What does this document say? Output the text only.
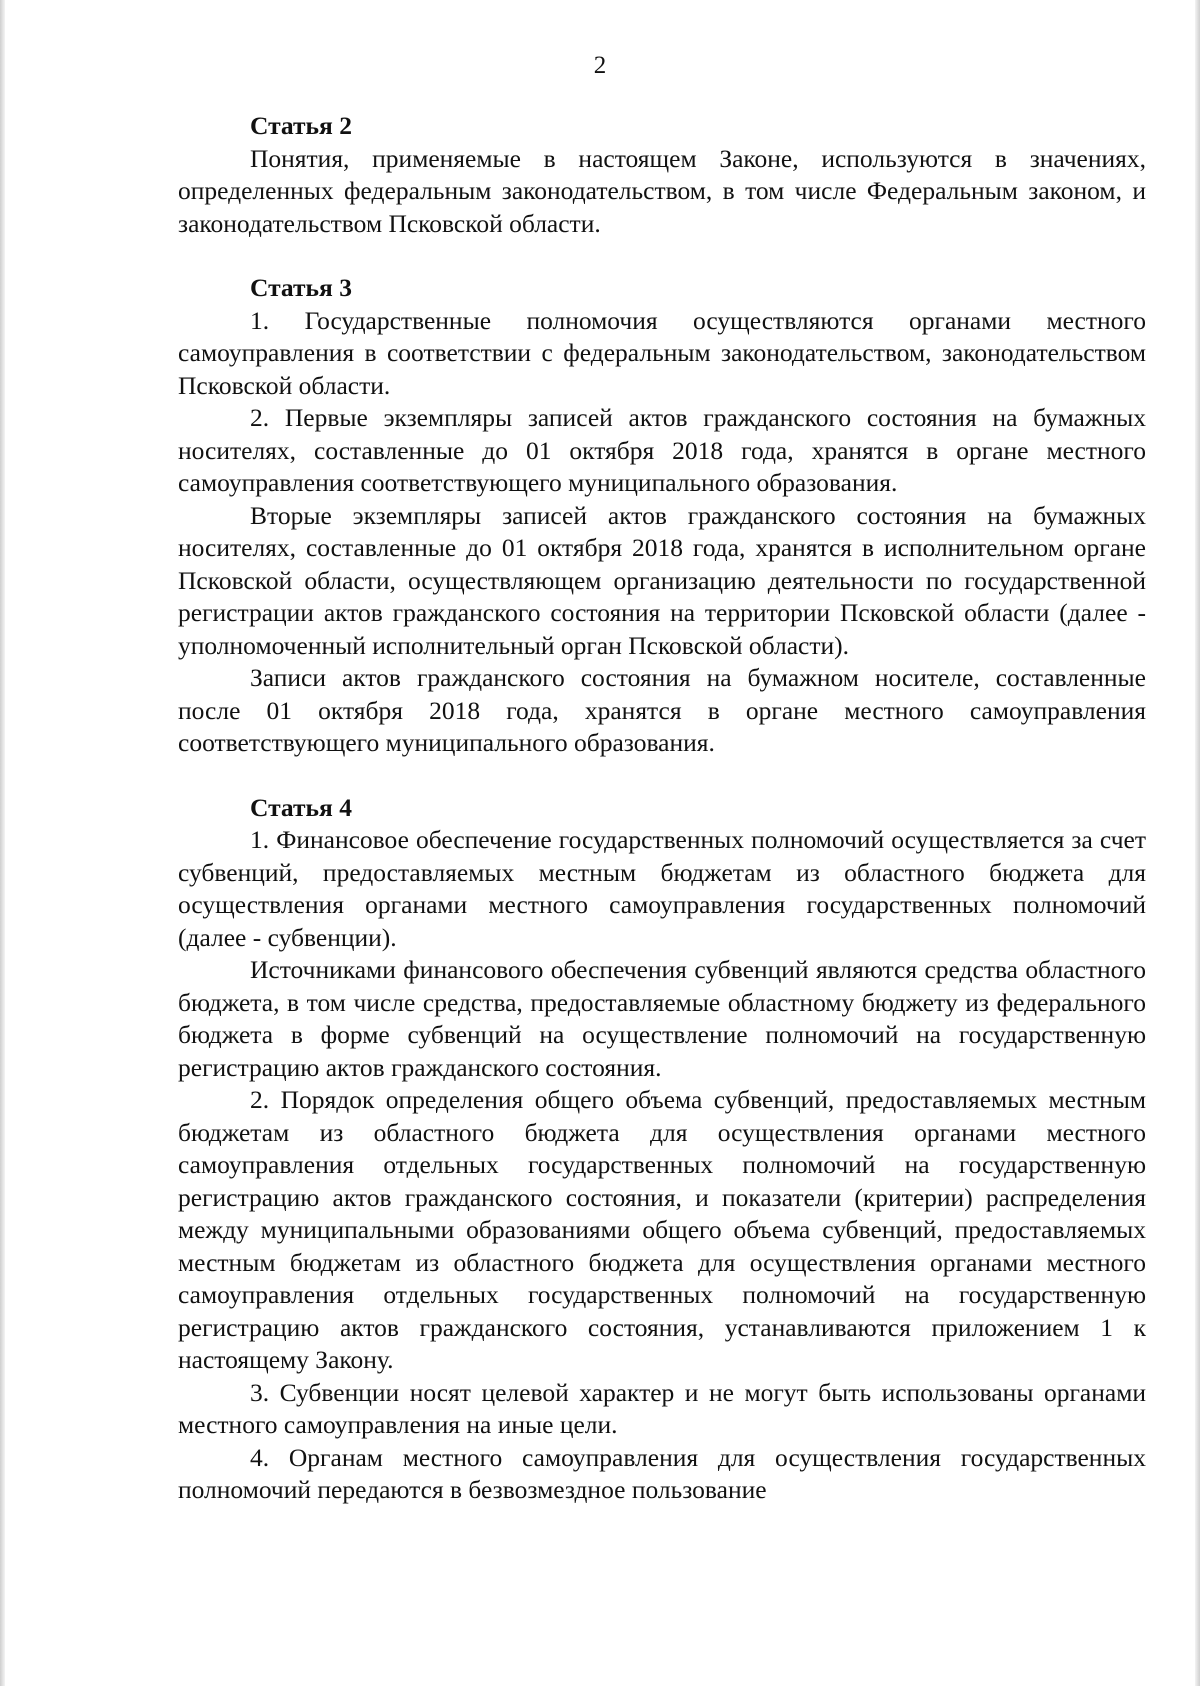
2
Статья 2

Понятия, применяемые в настоящем Законе, используются в значениях, определенных федеральным законодательством, в том числе Федеральным законом, и законодательством Псковской области.

Статья 3

1. Государственные полномочия осуществляются органами местного самоуправления в соответствии с федеральным законодательством, законодательством Псковской области.

2. Первые экземпляры записей актов гражданского состояния на бумажных носителях, составленные до 01 октября 2018 года, хранятся в органе местного самоуправления соответствующего муниципального образования.

Вторые экземпляры записей актов гражданского состояния на бумажных носителях, составленные до 01 октября 2018 года, хранятся в исполнительном органе Псковской области, осуществляющем организацию деятельности по государственной регистрации актов гражданского состояния на территории Псковской области (далее - уполномоченный исполнительный орган Псковской области).

Записи актов гражданского состояния на бумажном носителе, составленные после 01 октября 2018 года, хранятся в органе местного самоуправления соответствующего муниципального образования.

Статья 4

1. Финансовое обеспечение государственных полномочий осуществляется за счет субвенций, предоставляемых местным бюджетам из областного бюджета для осуществления органами местного самоуправления государственных полномочий (далее - субвенции).

Источниками финансового обеспечения субвенций являются средства областного бюджета, в том числе средства, предоставляемые областному бюджету из федерального бюджета в форме субвенций на осуществление полномочий на государственную регистрацию актов гражданского состояния.

2. Порядок определения общего объема субвенций, предоставляемых местным бюджетам из областного бюджета для осуществления органами местного самоуправления отдельных государственных полномочий на государственную регистрацию актов гражданского состояния, и показатели (критерии) распределения между муниципальными образованиями общего объема субвенций, предоставляемых местным бюджетам из областного бюджета для осуществления органами местного самоуправления отдельных государственных полномочий на государственную регистрацию актов гражданского состояния, устанавливаются приложением 1 к настоящему Закону.

3. Субвенции носят целевой характер и не могут быть использованы органами местного самоуправления на иные цели.

4. Органам местного самоуправления для осуществления государственных полномочий передаются в безвозмездное пользование
